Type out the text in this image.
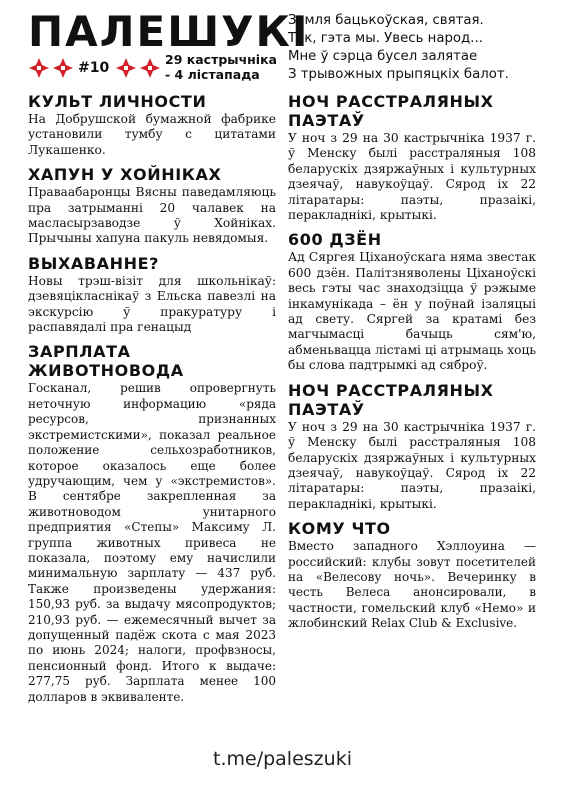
ПАЛЕШУКІ
#10
29 кастрычніка
- 4 лістапада
Зямля бацькоўская, святая.
Так, гэта мы. Увесь народ...
Мне ў сэрца бусел залятае
З трывожных прыпяцкіх балот.
КУЛЬТ ЛИЧНОСТИ

На Добрушской бумажной фабрике установили тумбу с цитатами Лукашенко.

ХАПУН У ХОЙНІКАХ

Праваабаронцы Вясны паведамляюць пра затрыманні 20 чалавек на масласырзаводзе ў Хойніках. Прычыны хапуна пакуль невядомыя.

ВЫХАВАННЕ?

Новы трэш-візіт для школьнікаў: дзевяцікласнікаў з Ельска павезлі на экскурсію ў пракуратуру і распавядалі пра генацыд

ЗАРПЛАТА ЖИВОТНОВОДА

Госканал, решив опровергнуть неточную информацию «ряда ресурсов, признанных экстремистскими», показал реальное положение сельхозработников, которое оказалось еще более удручающим, чем у «экстремистов». В сентябре закрепленная за животноводом унитарного предприятия «Степы» Максиму Л. группа животных привеса не показала, поэтому ему начислили минимальную зарплату — 437 руб. Также произведены удержания: 150,93 руб. за выдачу мясопродуктов; 210,93 руб. — ежемесячный вычет за допущенный падёж скота с мая 2023 по июнь 2024; налоги, профвзносы, пенсионный фонд. Итого к выдаче: 277,75 руб. Зарплата менее 100 долларов в эквиваленте.

НОЧ РАССТРАЛЯНЫХ ПАЭТАЎ

У ноч з 29 на 30 кастрычніка 1937 г. ў Менску былі расстраляныя 108 беларускіх дзяржаўных і культурных дзеячаў, навукоўцаў. Сярод іх 22 літаратары: паэты, празаікі, перакладнікі, крытыкі.

600 ДЗЁН

Ад Сяргея Ціханоўскага няма звестак 600 дзён. Палітзняволены Ціханоўскі весь гэты час знаходзіцца ў рэжыме інкамунікада – ён у поўнай ізаляцыі ад свету. Сяргей за кратамі без магчымасці бачыць сям'ю, абменьвацца лістамі ці атрымаць хоць бы слова падтрымкі ад сяброў.

НОЧ РАССТРАЛЯНЫХ ПАЭТАЎ

У ноч з 29 на 30 кастрычніка 1937 г. ў Менску былі расстраляныя 108 беларускіх дзяржаўных і культурных дзеячаў, навукоўцаў. Сярод іх 22 літаратары: паэты, празаікі, перакладнікі, крытыкі.

КОМУ ЧТО

Вместо западного Хэллоуина — российский: клубы зовут посетителей на «Велесову ночь». Вечеринку в честь Велеса анонсировали, в частности, гомельский клуб «Немо» и жлобинский Relax Club & Exclusive.

t.me/paleszuki
